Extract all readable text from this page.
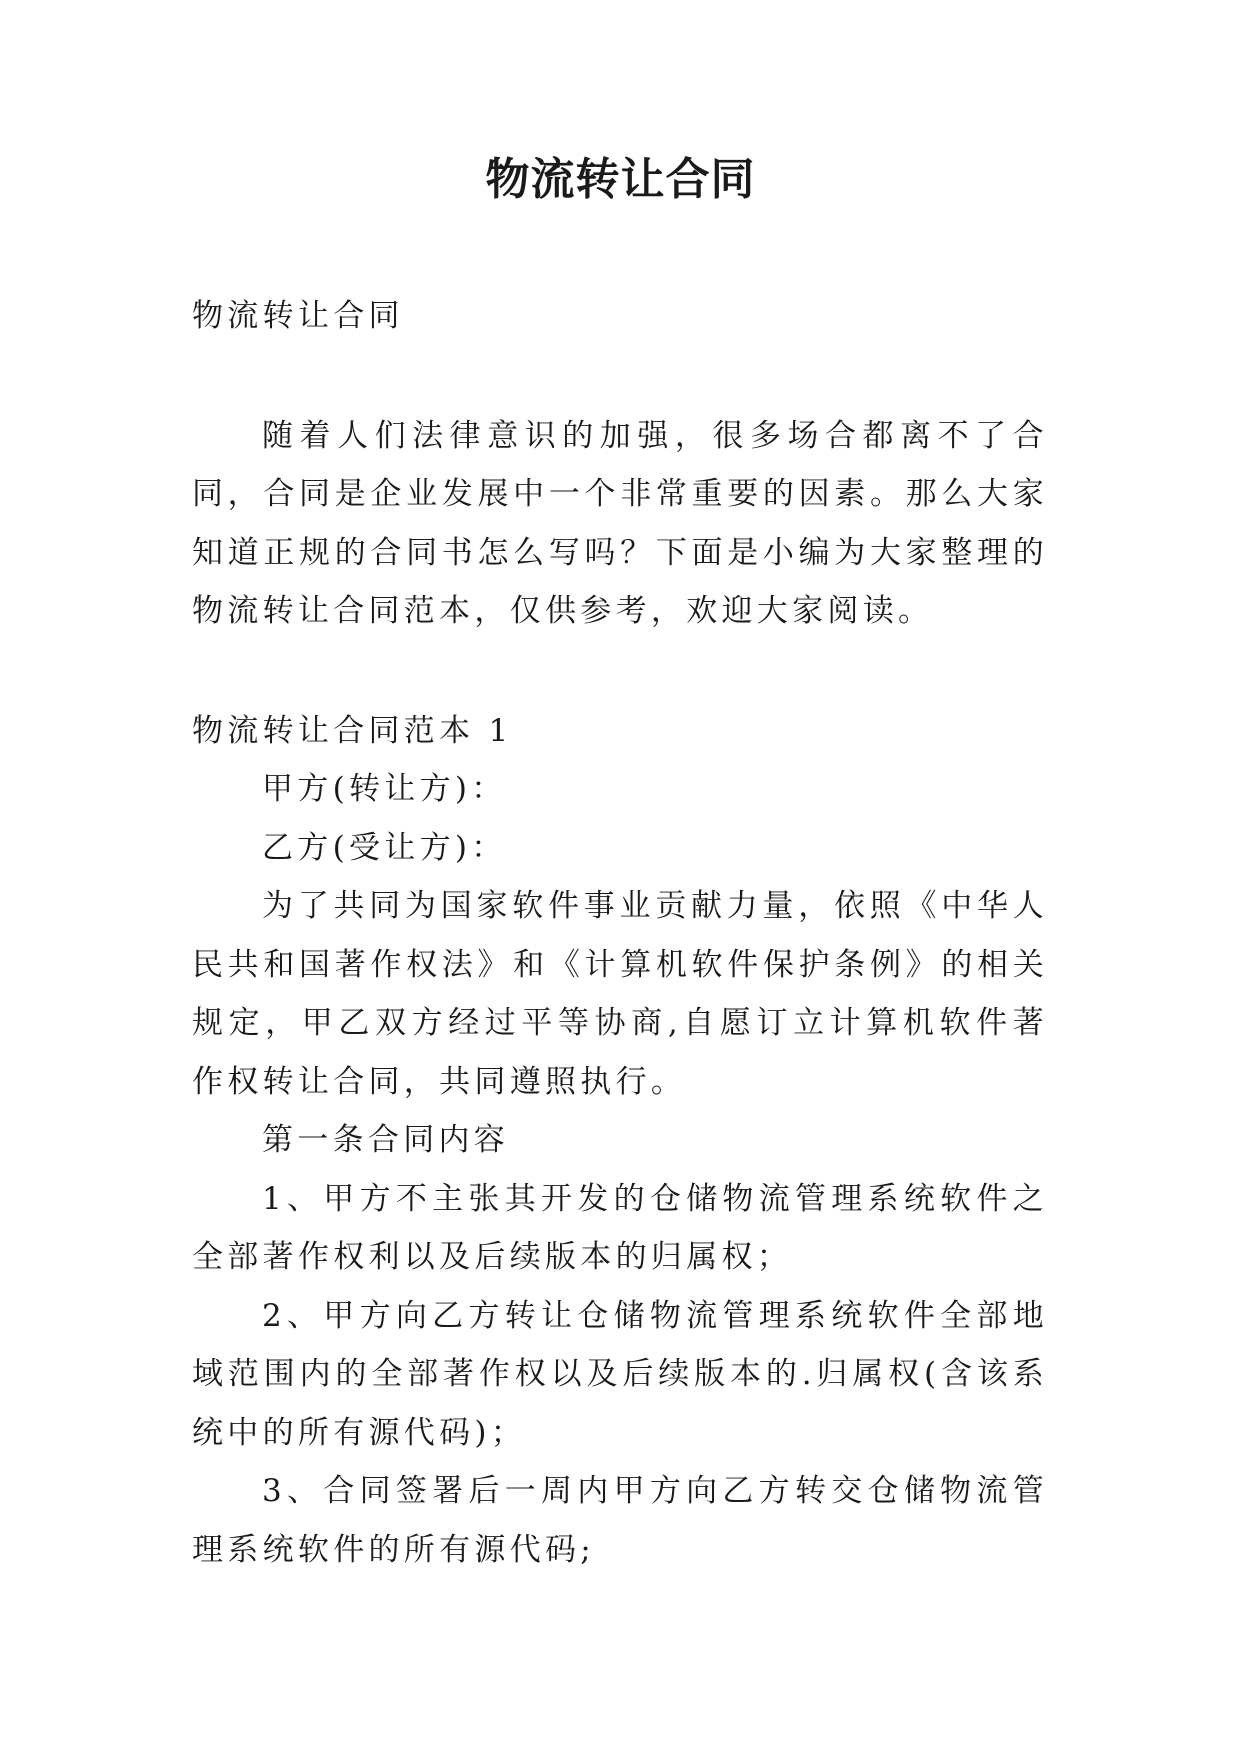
物流转让合同

物流转让合同

随着人们法律意识的加强，很多场合都离不了合同，合同是企业发展中一个非常重要的因素。那么大家知道正规的合同书怎么写吗？下面是小编为大家整理的物流转让合同范本，仅供参考，欢迎大家阅读。

物流转让合同范本 1

甲方(转让方)：

乙方(受让方)：

为了共同为国家软件事业贡献力量，依照《中华人民共和国著作权法》和《计算机软件保护条例》的相关规定，甲乙双方经过平等协商,自愿订立计算机软件著作权转让合同，共同遵照执行。

第一条合同内容

1、甲方不主张其开发的仓储物流管理系统软件之全部著作权利以及后续版本的归属权；

2、甲方向乙方转让仓储物流管理系统软件全部地域范围内的全部著作权以及后续版本的.归属权(含该系统中的所有源代码)；

3、合同签署后一周内甲方向乙方转交仓储物流管理系统软件的所有源代码;
